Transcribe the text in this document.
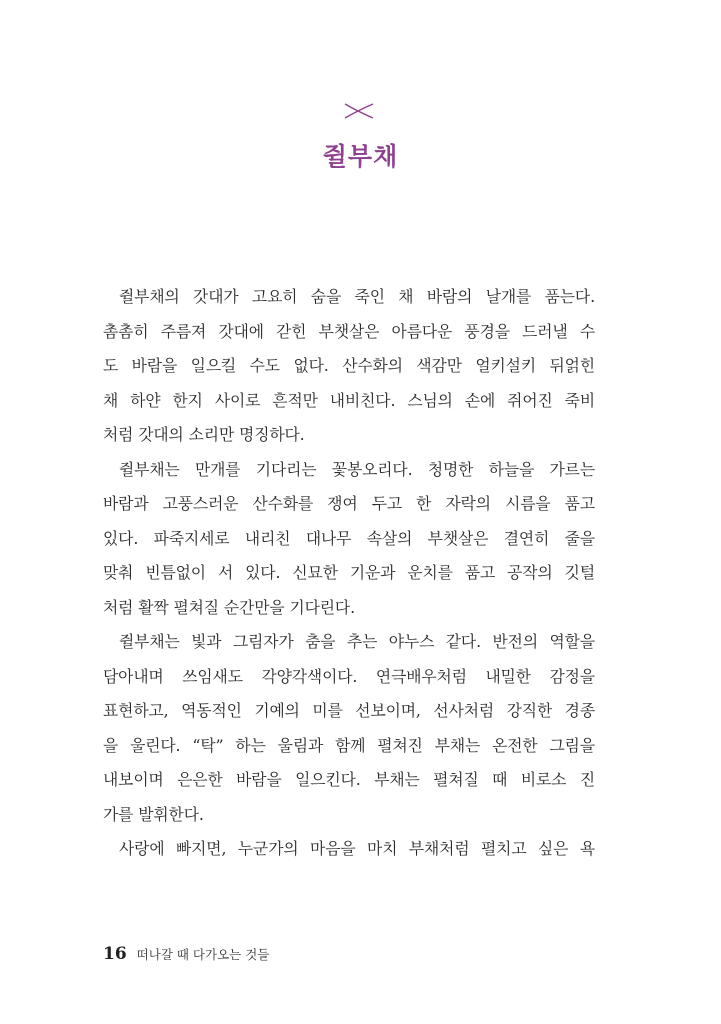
쥘부채
쥘부채의 갓대가 고요히 숨을 죽인 채 바람의 날개를 품는다.
촘촘히 주름져 갓대에 갇힌 부챗살은 아름다운 풍경을 드러낼 수
도 바람을 일으킬 수도 없다. 산수화의 색감만 얼키설키 뒤얽힌
채 하얀 한지 사이로 흔적만 내비친다. 스님의 손에 쥐어진 죽비
처럼 갓대의 소리만 명징하다.
쥘부채는 만개를 기다리는 꽃봉오리다. 청명한 하늘을 가르는
바람과 고풍스러운 산수화를 쟁여 두고 한 자락의 시름을 품고
있다. 파죽지세로 내리친 대나무 속살의 부챗살은 결연히 줄을
맞춰 빈틈없이 서 있다. 신묘한 기운과 운치를 품고 공작의 깃털
처럼 활짝 펼쳐질 순간만을 기다린다.
쥘부채는 빛과 그림자가 춤을 추는 야누스 같다. 반전의 역할을
담아내며 쓰임새도 각양각색이다. 연극배우처럼 내밀한 감정을
표현하고, 역동적인 기예의 미를 선보이며, 선사처럼 강직한 경종
을 울린다. “탁” 하는 울림과 함께 펼쳐진 부채는 온전한 그림을
내보이며 은은한 바람을 일으킨다. 부채는 펼쳐질 때 비로소 진
가를 발휘한다.
사랑에 빠지면, 누군가의 마음을 마치 부채처럼 펼치고 싶은 욕
16 떠나갈 때 다가오는 것들
